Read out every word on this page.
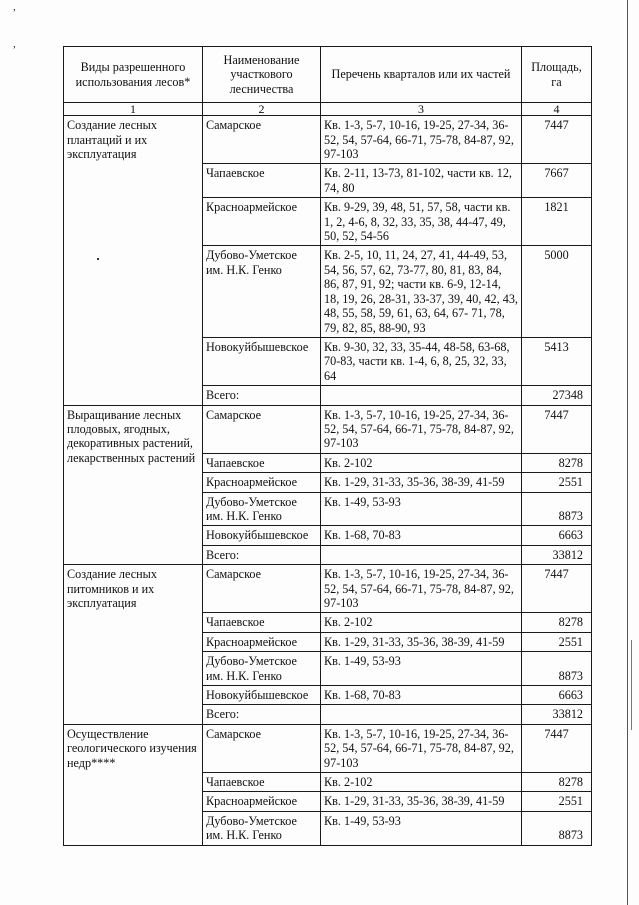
,
,
Виды разрешенного использования лесов*	Наименование участкового лесничества	Перечень кварталов или их частей	Площадь, га
1	2	3	4

Создание лесных плантаций и их эксплуатация	Самарское	Кв. 1-3, 5-7, 10-16, 19-25, 27-34, 36-52, 54, 57-64, 66-71, 75-78, 84-87, 92, 97-103	7447
	Чапаевское	Кв. 2-11, 13-73, 81-102, части кв. 12, 74, 80	7667
	Красноармейское	Кв. 9-29, 39, 48, 51, 57, 58, части кв. 1, 2, 4-6, 8, 32, 33, 35, 38, 44-47, 49, 50, 52, 54-56	1821
	Дубово-Уметское им. Н.К. Генко	Кв. 2-5, 10, 11, 24, 27, 41, 44-49, 53, 54, 56, 57, 62, 73-77, 80, 81, 83, 84, 86, 87, 91, 92; части кв. 6-9, 12-14, 18, 19, 26, 28-31, 33-37, 39, 40, 42, 43, 48, 55, 58, 59, 61, 63, 64, 67- 71, 78, 79, 82, 85, 88-90, 93	5000
	Новокуйбышевское	Кв. 9-30, 32, 33, 35-44, 48-58, 63-68, 70-83, части кв. 1-4, 6, 8, 25, 32, 33, 64	5413
	Всего:		27348
Выращивание лесных плодовых, ягодных, декоративных растений, лекарственных растений	Самарское	Кв. 1-3, 5-7, 10-16, 19-25, 27-34, 36-52, 54, 57-64, 66-71, 75-78, 84-87, 92, 97-103	7447
	Чапаевское	Кв. 2-102	8278
	Красноармейское	Кв. 1-29, 31-33, 35-36, 38-39, 41-59	2551
	Дубово-Уметское им. Н.К. Генко	Кв. 1-49, 53-93	8873
	Новокуйбышевское	Кв. 1-68, 70-83	6663
	Всего:		33812
Создание лесных питомников и их эксплуатация	Самарское	Кв. 1-3, 5-7, 10-16, 19-25, 27-34, 36-52, 54, 57-64, 66-71, 75-78, 84-87, 92, 97-103	7447
	Чапаевское	Кв. 2-102	8278
	Красноармейское	Кв. 1-29, 31-33, 35-36, 38-39, 41-59	2551
	Дубово-Уметское им. Н.К. Генко	Кв. 1-49, 53-93	8873
	Новокуйбышевское	Кв. 1-68, 70-83	6663
	Всего:		33812
Осуществление геологического изучения недр****	Самарское	Кв. 1-3, 5-7, 10-16, 19-25, 27-34, 36-52, 54, 57-64, 66-71, 75-78, 84-87, 92, 97-103	7447
	Чапаевское	Кв. 2-102	8278
	Красноармейское	Кв. 1-29, 31-33, 35-36, 38-39, 41-59	2551
	Дубово-Уметское им. Н.К. Генко	Кв. 1-49, 53-93	8873
